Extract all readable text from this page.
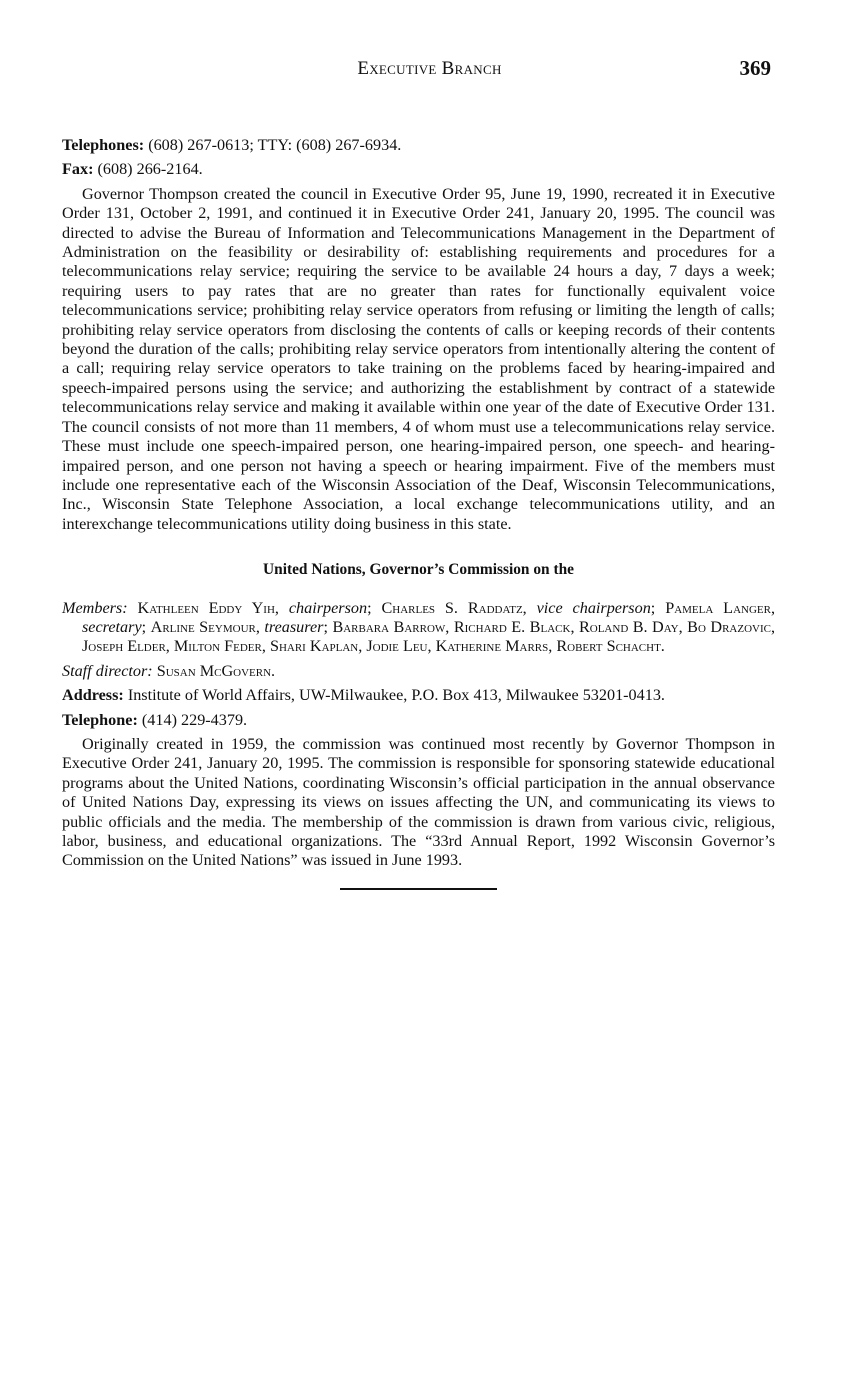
Executive Branch	369

Telephones: (608) 267-0613; TTY: (608) 267-6934.

Fax: (608) 266-2164.

Governor Thompson created the council in Executive Order 95, June 19, 1990, recreated it in Executive Order 131, October 2, 1991, and continued it in Executive Order 241, January 20, 1995. The council was directed to advise the Bureau of Information and Telecommunications Management in the Department of Administration on the feasibility or desirability of: establishing requirements and procedures for a telecommunications relay service; requiring the service to be available 24 hours a day, 7 days a week; requiring users to pay rates that are no greater than rates for functionally equivalent voice telecommunications service; prohibiting relay service operators from refusing or limiting the length of calls; prohibiting relay service operators from disclosing the contents of calls or keeping records of their contents beyond the duration of the calls; prohibiting relay service operators from intentionally altering the content of a call; requiring relay service operators to take training on the problems faced by hearing-impaired and speech-impaired persons using the service; and authorizing the establishment by contract of a statewide telecommunications relay service and making it available within one year of the date of Executive Order 131. The council consists of not more than 11 members, 4 of whom must use a telecommunications relay service. These must include one speech-impaired person, one hearing-impaired person, one speech- and hearing-impaired person, and one person not having a speech or hearing impairment. Five of the members must include one representative each of the Wisconsin Association of the Deaf, Wisconsin Telecommunications, Inc., Wisconsin State Telephone Association, a local exchange telecommunications utility, and an interexchange telecommunications utility doing business in this state.

United Nations, Governor’s Commission on the

Members: Kathleen Eddy Yih, chairperson; Charles S. Raddatz, vice chairperson; Pamela Langer, secretary; Arline Seymour, treasurer; Barbara Barrow, Richard E. Black, Roland B. Day, Bo Drazovic, Joseph Elder, Milton Feder, Shari Kaplan, Jodie Leu, Katherine Marrs, Robert Schacht.

Staff director: Susan McGovern.

Address: Institute of World Affairs, UW-Milwaukee, P.O. Box 413, Milwaukee 53201-0413.

Telephone: (414) 229-4379.

Originally created in 1959, the commission was continued most recently by Governor Thompson in Executive Order 241, January 20, 1995. The commission is responsible for sponsoring statewide educational programs about the United Nations, coordinating Wisconsin’s official participation in the annual observance of United Nations Day, expressing its views on issues affecting the UN, and communicating its views to public officials and the media. The membership of the commission is drawn from various civic, religious, labor, business, and educational organizations. The “33rd Annual Report, 1992 Wisconsin Governor’s Commission on the United Nations” was issued in June 1993.
